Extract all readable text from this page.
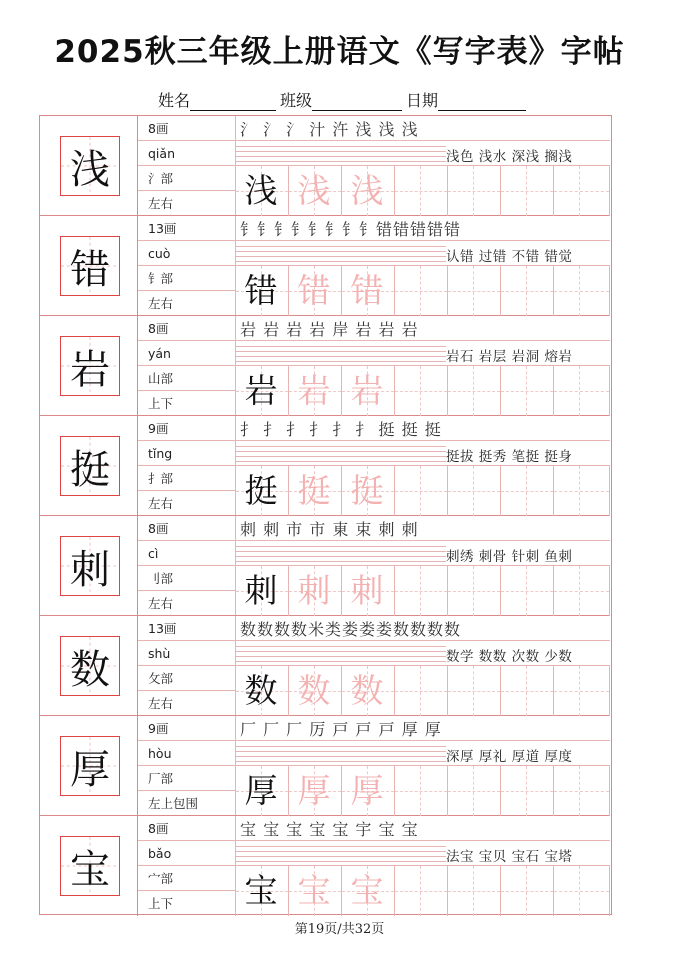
2025秋三年级上册语文《写字表》字帖
姓名	班级	日期
浅
8画
qiǎn
氵部
左右
氵 氵 氵 汁 汻 浅 浅 浅
浅色 浅水 深浅 搁浅
浅 浅 浅
错
13画
cuò
钅部
左右
钅钅钅钅钅钅钅钅错错错错错
认错 过错 不错 错觉
错 错 错
岩
8画
yán
山部
上下
岩 岩 岩 岩 岸 岩 岩 岩
岩石 岩层 岩洞 熔岩
岩 岩 岩
挺
9画
tǐng
扌部
左右
扌 扌 扌 扌 扌 扌 挺 挺 挺
挺拔 挺秀 笔挺 挺身
挺 挺 挺
刺
8画
cì
刂部
左右
刺 刺 市 市 東 束 刺 刺
刺绣 刺骨 针刺 鱼刺
刺 刺 刺
数
13画
shù
攵部
左右
数数数数米类娄娄娄数数数数
数学 数数 次数 少数
数 数 数
厚
9画
hòu
厂部
左上包围
厂 厂 厂 厉 戸 戸 戸 厚 厚
深厚 厚礼 厚道 厚度
厚 厚 厚
宝
8画
bǎo
宀部
上下
宝 宝 宝 宝 宝 宇 宝 宝
法宝 宝贝 宝石 宝塔
宝 宝 宝
第19页/共32页
